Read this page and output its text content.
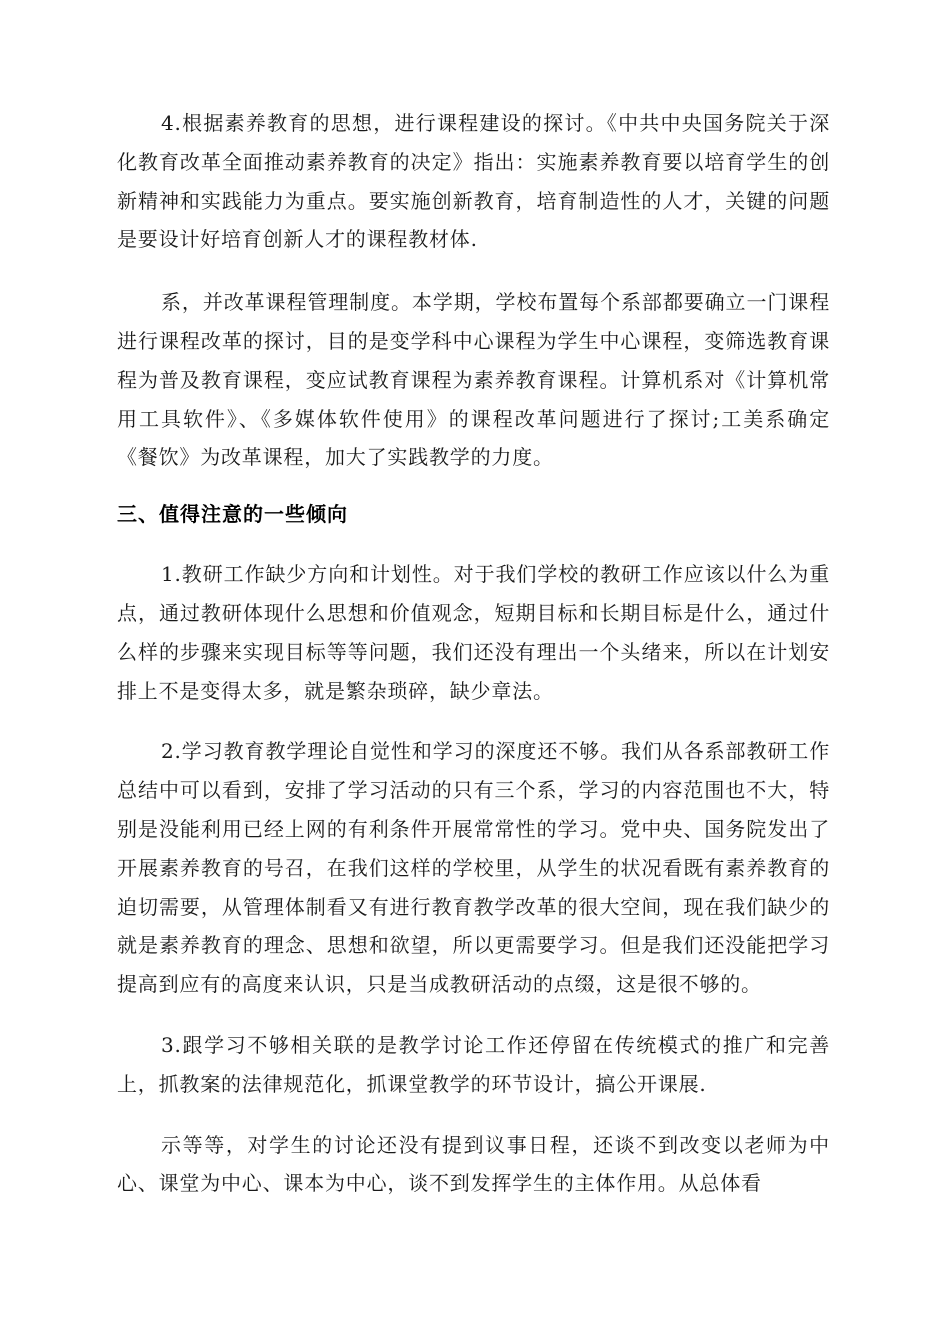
4.根据素养教育的思想，进行课程建设的探讨。《中共中央国务院关于深化教育改革全面推动素养教育的决定》指出：实施素养教育要以培育学生的创新精神和实践能力为重点。要实施创新教育，培育制造性的人才，关键的问题是要设计好培育创新人才的课程教材体.

系，并改革课程管理制度。本学期，学校布置每个系部都要确立一门课程进行课程改革的探讨，目的是变学科中心课程为学生中心课程，变筛选教育课程为普及教育课程，变应试教育课程为素养教育课程。计算机系对《计算机常用工具软件》、《多媒体软件使用》的课程改革问题进行了探讨;工美系确定《餐饮》为改革课程，加大了实践教学的力度。

三、值得注意的一些倾向

1.教研工作缺少方向和计划性。对于我们学校的教研工作应该以什么为重点，通过教研体现什么思想和价值观念，短期目标和长期目标是什么，通过什么样的步骤来实现目标等等问题，我们还没有理出一个头绪来，所以在计划安排上不是变得太多，就是繁杂琐碎，缺少章法。

2.学习教育教学理论自觉性和学习的深度还不够。我们从各系部教研工作总结中可以看到，安排了学习活动的只有三个系，学习的内容范围也不大，特别是没能利用已经上网的有利条件开展常常性的学习。党中央、国务院发出了开展素养教育的号召，在我们这样的学校里，从学生的状况看既有素养教育的迫切需要，从管理体制看又有进行教育教学改革的很大空间，现在我们缺少的就是素养教育的理念、思想和欲望，所以更需要学习。但是我们还没能把学习提高到应有的高度来认识，只是当成教研活动的点缀，这是很不够的。

3.跟学习不够相关联的是教学讨论工作还停留在传统模式的推广和完善上，抓教案的法律规范化，抓课堂教学的环节设计，搞公开课展.

示等等，对学生的讨论还没有提到议事日程，还谈不到改变以老师为中心、课堂为中心、课本为中心，谈不到发挥学生的主体作用。从总体看
